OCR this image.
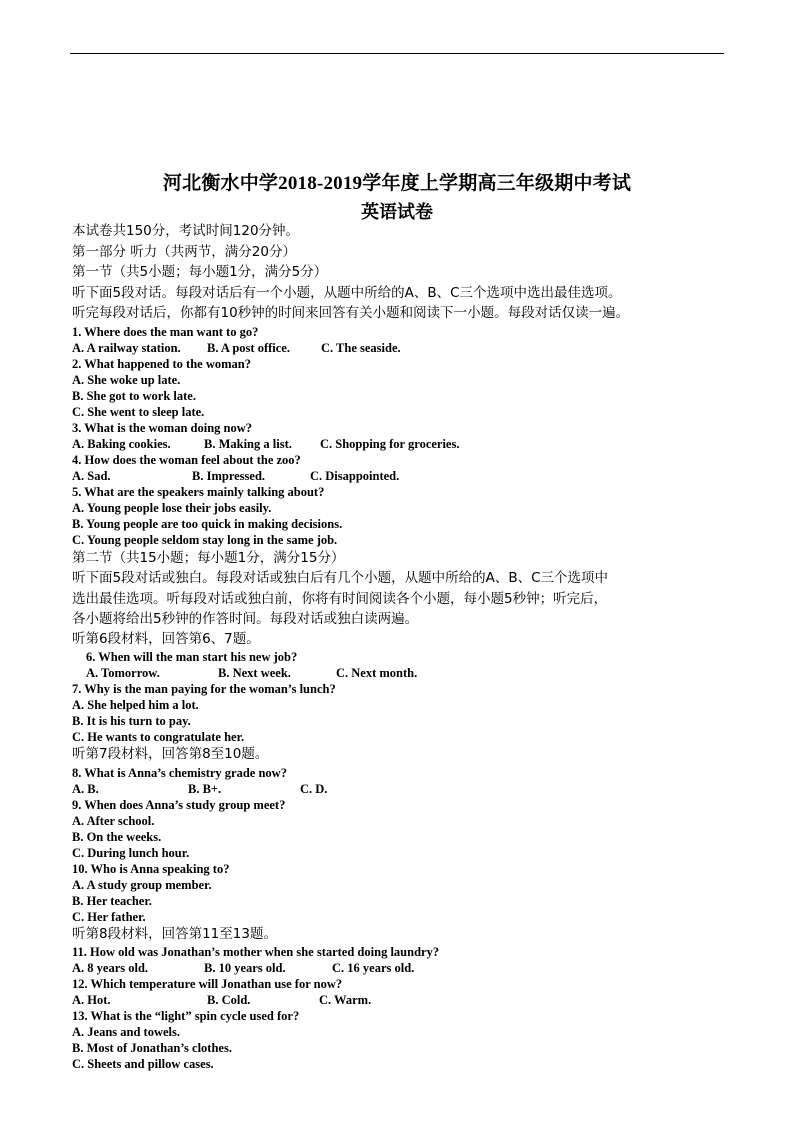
河北衡水中学2018-2019学年度上学期高三年级期中考试
英语试卷
本试卷共150分，考试时间120分钟。
第一部分 听力（共两节，满分20分）
第一节（共5小题；每小题1分，满分5分）
听下面5段对话。每段对话后有一个小题，从题中所给的A、B、C三个选项中选出最佳选项。
听完每段对话后，你都有10秒钟的时间来回答有关小题和阅读下一小题。每段对话仅读一遍。
1. Where does the man want to go?
A. A railway station. B. A post office. C. The seaside.
2. What happened to the woman?
A. She woke up late.
B. She got to work late.
C. She went to sleep late.
3. What is the woman doing now?
A. Baking cookies.	B. Making a list. C. Shopping for groceries.
4. How does the woman feel about the zoo?
A. Sad.	B. Impressed.	C. Disappointed.
5. What are the speakers mainly talking about?
A. Young people lose their jobs easily.
B. Young people are too quick in making decisions.
C. Young people seldom stay long in the same job.
第二节（共15小题；每小题1分，满分15分）
听下面5段对话或独白。每段对话或独白后有几个小题，从题中所给的A、B、C三个选项中
选出最佳选项。听每段对话或独白前，你将有时间阅读各个小题，每小题5秒钟；听完后，
各小题将给出5秒钟的作答时间。每段对话或独白读两遍。
听第6段材料，回答第6、7题。
6. When will the man start his new job?
A. Tomorrow.	B. Next week.	C. Next month.
7. Why is the man paying for the woman’s lunch?
A. She helped him a lot.
B. It is his turn to pay.
C. He wants to congratulate her.
听第7段材料，回答第8至10题。
8. What is Anna’s chemistry grade now?
A. B.	B. B+.	C. D.
9. When does Anna’s study group meet?
A. After school.
B. On the weeks.
C. During lunch hour.
10. Who is Anna speaking to?
A. A study group member.
B. Her teacher.
C. Her father.
听第8段材料，回答第11至13题。
11. How old was Jonathan’s mother when she started doing laundry?
A. 8 years old.	B. 10 years old.	C. 16 years old.
12. Which temperature will Jonathan use for now?
A. Hot.	B. Cold.	C. Warm.
13. What is the “light” spin cycle used for?
A. Jeans and towels.
B. Most of Jonathan’s clothes.
C. Sheets and pillow cases.
